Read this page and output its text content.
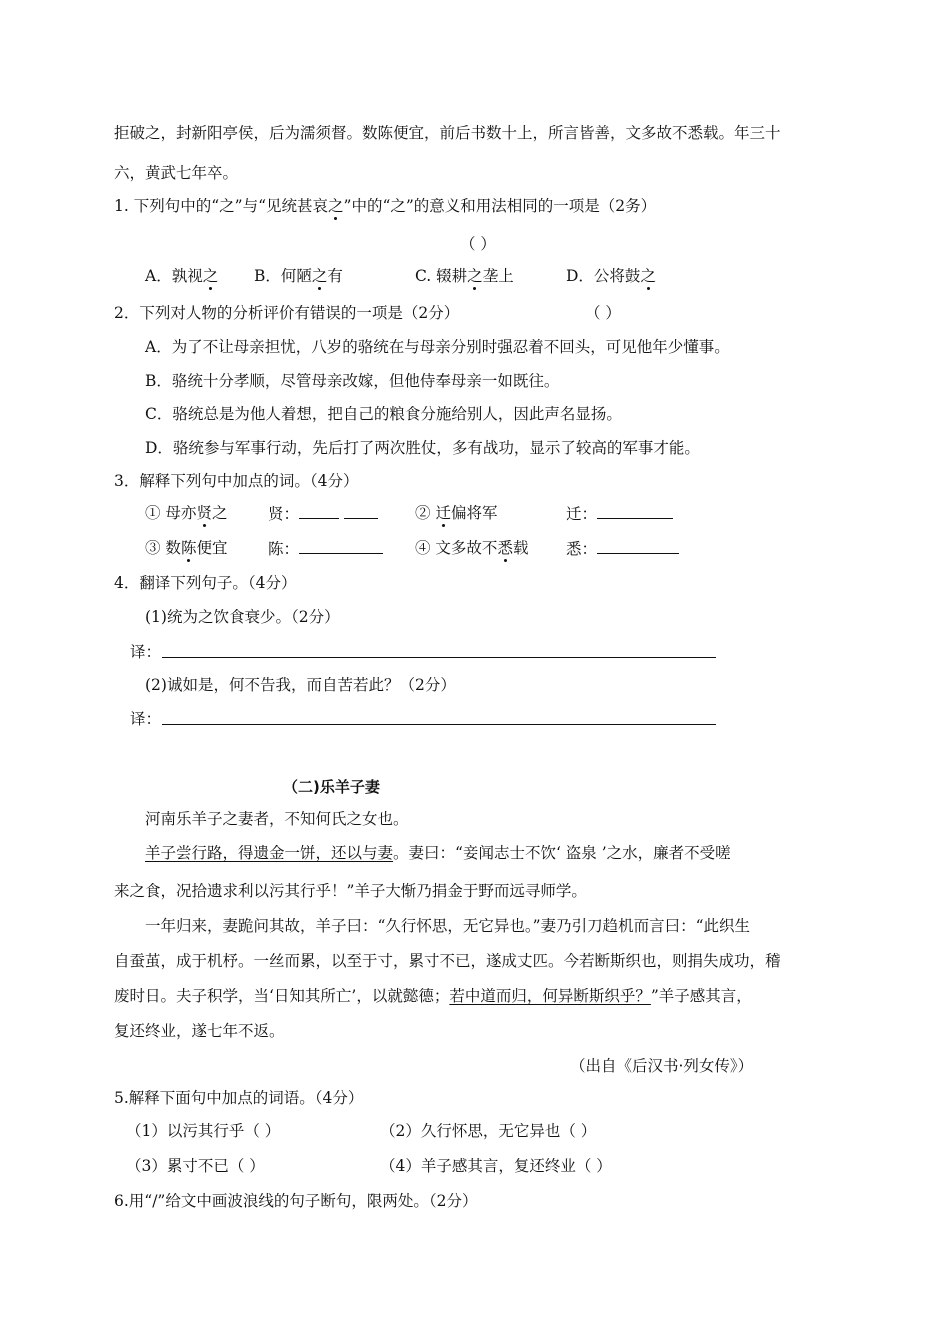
拒破之，封新阳亭侯，后为濡须督。数陈便宜，前后书数十上，所言皆善，文多故不悉载。年三十
六，黄武七年卒。
1. 下列句中的“之”与“见统甚哀之”中的“之”的意义和用法相同的一项是（2务）
（ ）
A．孰视之 B．何陋之有	C. 辍耕之垄上	D．公将鼓之
2．下列对人物的分析评价有错误的一项是（2分）	（ ）
A．为了不让母亲担忧，八岁的骆统在与母亲分别时强忍着不回头，可见他年少懂事。
B．骆统十分孝顺，尽管母亲改嫁，但他侍奉母亲一如既往。
C．骆统总是为他人着想，把自己的粮食分施给别人，因此声名显扬。
D．骆统参与军事行动，先后打了两次胜仗，多有战功，显示了较高的军事才能。
3．解释下列句中加点的词。（4分）
① 母亦贤之	贤：	② 迁偏将军	迁：
③ 数陈便宜	陈：	④ 文多故不悉载 悉：
4．翻译下列句子。（4分）
(1)统为之饮食衰少。（2分）
译：
(2)诚如是，何不告我，而自苦若此？（2分）
译：
（二)乐羊子妻
河南乐羊子之妻者，不知何氏之女也。
羊子尝行路，得遗金一饼，还以与妻。妻曰：“妾闻志士不饮‘ 盗泉 ’之水，廉者不受嗟
来之食，况拾遗求利以污其行乎！”羊子大惭乃捐金于野而远寻师学。
一年归来，妻跪问其故，羊子曰：“久行怀思，无它异也。”妻乃引刀趋机而言曰：“此织生
自蚕茧，成于机杼。一丝而累，以至于寸，累寸不已，遂成丈匹。今若断斯织也，则捐失成功，稽
废时日。夫子积学，当‘日知其所亡’，以就懿德；若中道而归，何异断斯织乎？”羊子感其言，
复还终业，遂七年不返。
（出自《后汉书·列女传》）
5.解释下面句中加点的词语。（4分）
（1）以污其行乎（ ）	（2）久行怀思，无它异也（ ）
（3）累寸不已（ ）	（4）羊子感其言，复还终业（ ）
6.用“/”给文中画波浪线的句子断句，限两处。（2分）
